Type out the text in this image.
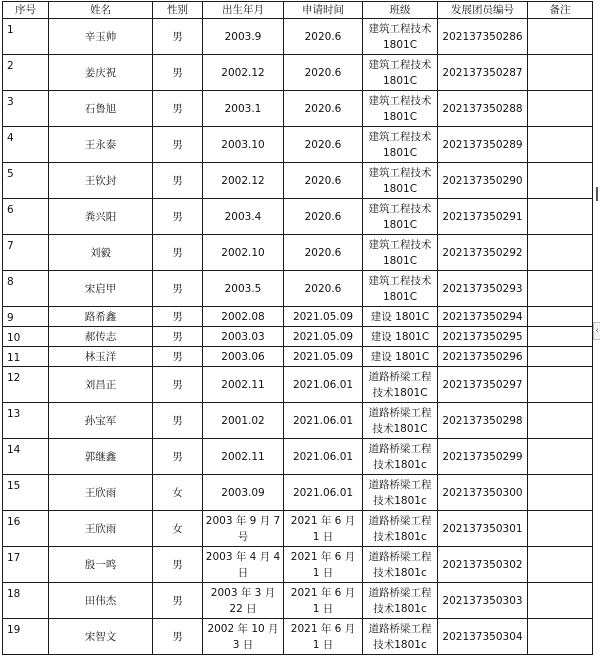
序号	姓名	性别	出生年月	申请时间	班级	发展团员编号	备注
1	辛玉帅	男	2003.9	2020.6	建筑工程技术 1801C	202137350286	
2	姜庆祝	男	2002.12	2020.6	建筑工程技术 1801C	202137350287	
3	石鲁旭	男	2003.1	2020.6	建筑工程技术 1801C	202137350288	
4	王永泰	男	2003.10	2020.6	建筑工程技术 1801C	202137350289	
5	王钦封	男	2002.12	2020.6	建筑工程技术 1801C	202137350290	
6	粪兴阳	男	2003.4	2020.6	建筑工程技术 1801C	202137350291	
7	刘毅	男	2002.10	2020.6	建筑工程技术 1801C	202137350292	
8	宋启甲	男	2003.5	2020.6	建筑工程技术 1801C	202137350293	
9	路希鑫	男	2002.08	2021.05.09	建设 1801C	202137350294	
10	郝传志	男	2003.03	2021.05.09	建设 1801C	202137350295	
11	林玉洋	男	2003.06	2021.05.09	建设 1801C	202137350296	
12	刘昌正	男	2002.11	2021.06.01	道路桥梁工程技术1801C	202137350297	
13	孙宝军	男	2001.02	2021.06.01	道路桥梁工程技术1801C	202137350298	
14	郭继鑫	男	2002.11	2021.06.01	道路桥梁工程技术1801c	202137350299	
15	王欣雨	女	2003.09	2021.06.01	道路桥梁工程技术1801c	202137350300	
16	王欣雨	女	2003 年 9 月 7 号	2021 年 6 月 1 日	道路桥梁工程技术1801c	202137350301	
17	殷一鸣	男	2003 年 4 月 4 日	2021 年 6 月 1 日	道路桥梁工程技术1801c	202137350302	
18	田伟杰	男	2003 年 3 月 22 日	2021 年 6 月 1 日	道路桥梁工程技术1801c	202137350303	
19	宋智文	男	2002 年 10 月 3 日	2021 年 6 月 1 日	道路桥梁工程技术1801c	202137350304	
‹
